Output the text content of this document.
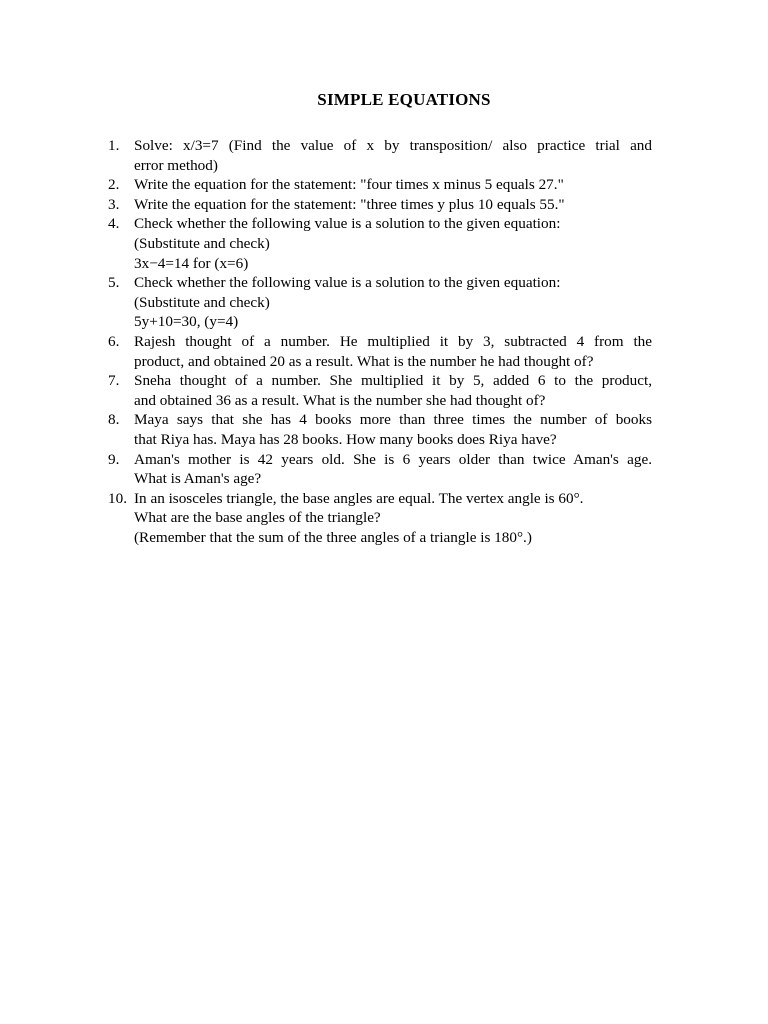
SIMPLE EQUATIONS
1. Solve: x/3=7 (Find the value of x by transposition/ also practice trial and
error method)
2. Write the equation for the statement: "four times x minus 5 equals 27."
3. Write the equation for the statement: "three times y plus 10 equals 55."
4. Check whether the following value is a solution to the given equation:
(Substitute and check)
3x−4=14 for (x=6)
5. Check whether the following value is a solution to the given equation:
(Substitute and check)
5y+10=30, (y=4)
6. Rajesh thought of a number. He multiplied it by 3, subtracted 4 from the
product, and obtained 20 as a result. What is the number he had thought of?
7. Sneha thought of a number. She multiplied it by 5, added 6 to the product,
and obtained 36 as a result. What is the number she had thought of?
8. Maya says that she has 4 books more than three times the number of books
that Riya has. Maya has 28 books. How many books does Riya have?
9. Aman's mother is 42 years old. She is 6 years older than twice Aman's age.
What is Aman's age?
10. In an isosceles triangle, the base angles are equal. The vertex angle is 60°.
What are the base angles of the triangle?
(Remember that the sum of the three angles of a triangle is 180°.)
